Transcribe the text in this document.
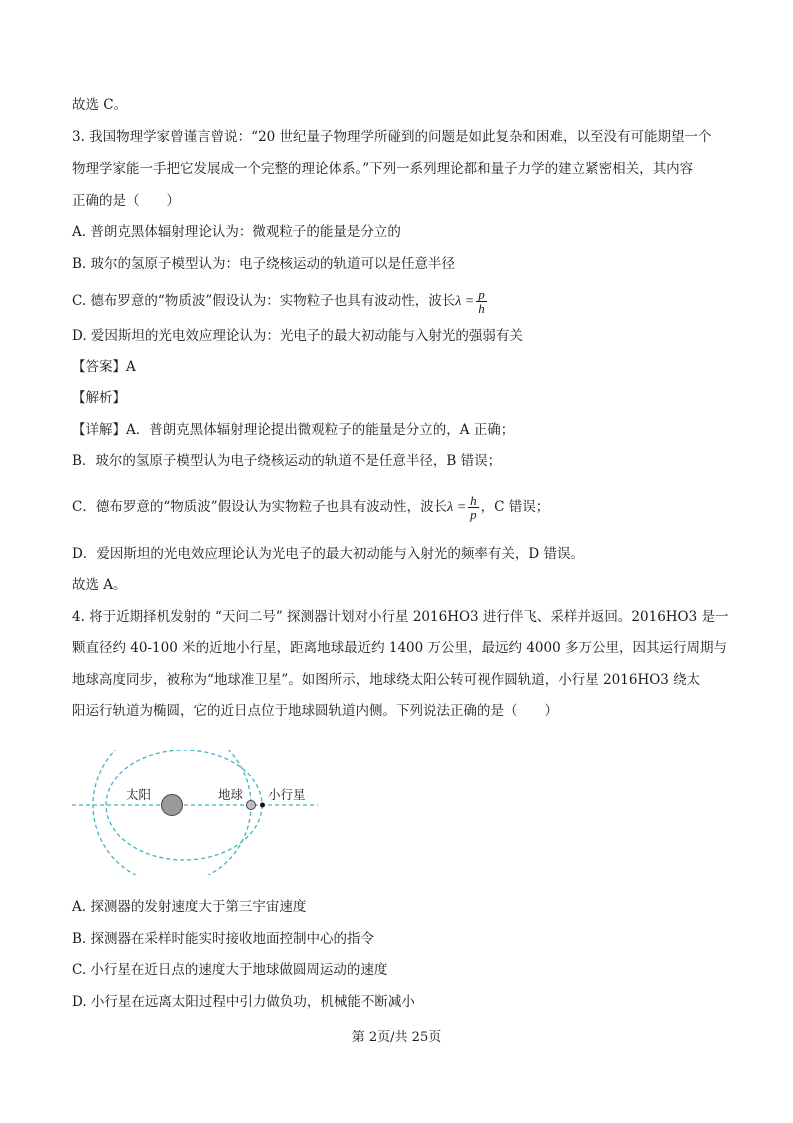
故选 C。
3. 我国物理学家曾谨言曾说：“20 世纪量子物理学所碰到的问题是如此复杂和困难，以至没有可能期望一个
物理学家能一手把它发展成一个完整的理论体系。”下列一系列理论都和量子力学的建立紧密相关，其内容
正确的是（　　）
A. 普朗克黑体辐射理论认为：微观粒子的能量是分立的
B. 玻尔的氢原子模型认为：电子绕核运动的轨道可以是任意半径
C. 德布罗意的“物质波”假设认为：实物粒子也具有波动性，波长$\lambda = \frac{p}{h}$
D. 爱因斯坦的光电效应理论认为：光电子的最大初动能与入射光的强弱有关
【答案】A
【解析】
【详解】A．普朗克黑体辐射理论提出微观粒子的能量是分立的，A 正确；
B．玻尔的氢原子模型认为电子绕核运动的轨道不是任意半径，B 错误；
C．德布罗意的“物质波”假设认为实物粒子也具有波动性，波长$\lambda = \frac{h}{p}$ ，C 错误；
D．爱因斯坦的光电效应理论认为光电子的最大初动能与入射光的频率有关，D 错误。
故选 A。
4. 将于近期择机发射的 “天问二号” 探测器计划对小行星 2016HO3 进行伴飞、采样并返回。2016HO3 是一
颗直径约 40-100 米的近地小行星，距离地球最近约 1400 万公里，最远约 4000 多万公里，因其运行周期与
地球高度同步，被称为“地球准卫星”。如图所示，地球绕太阳公转可视作圆轨道，小行星 2016HO3 绕太
阳运行轨道为椭圆，它的近日点位于地球圆轨道内侧。下列说法正确的是（　　）
太阳	地球 小行星
A. 探测器的发射速度大于第三宇宙速度
B. 探测器在采样时能实时接收地面控制中心的指令
C. 小行星在近日点的速度大于地球做圆周运动的速度
D. 小行星在远离太阳过程中引力做负功，机械能不断减小
第 2页/共 25页
